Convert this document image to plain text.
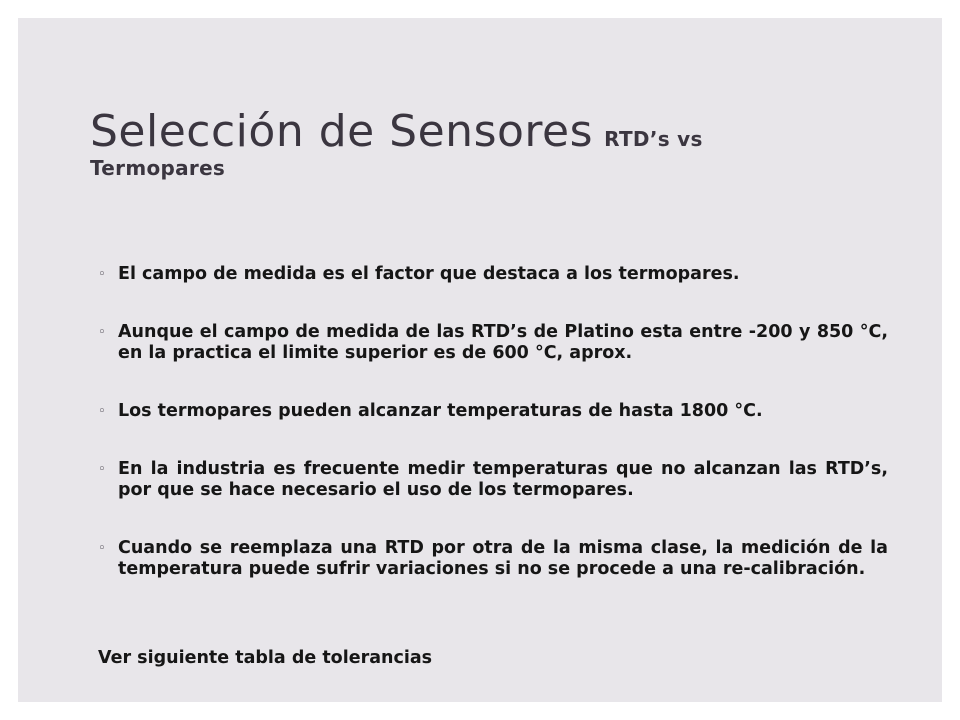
Selección de Sensores RTD’s vs
Termopares
◦ El campo de medida es el factor que destaca a los termopares.
◦ Aunque el campo de medida de las RTD’s de Platino esta entre -200 y 850 °C, en la practica el limite superior es de 600 °C, aprox.
◦ Los termopares pueden alcanzar temperaturas de hasta 1800 °C.
◦ En la industria es frecuente medir temperaturas que no alcanzan las RTD’s, por que se hace necesario el uso de los termopares.
◦ Cuando se reemplaza una RTD por otra de la misma clase, la medición de la temperatura puede sufrir variaciones si no se procede a una re-calibración.
Ver siguiente tabla de tolerancias
